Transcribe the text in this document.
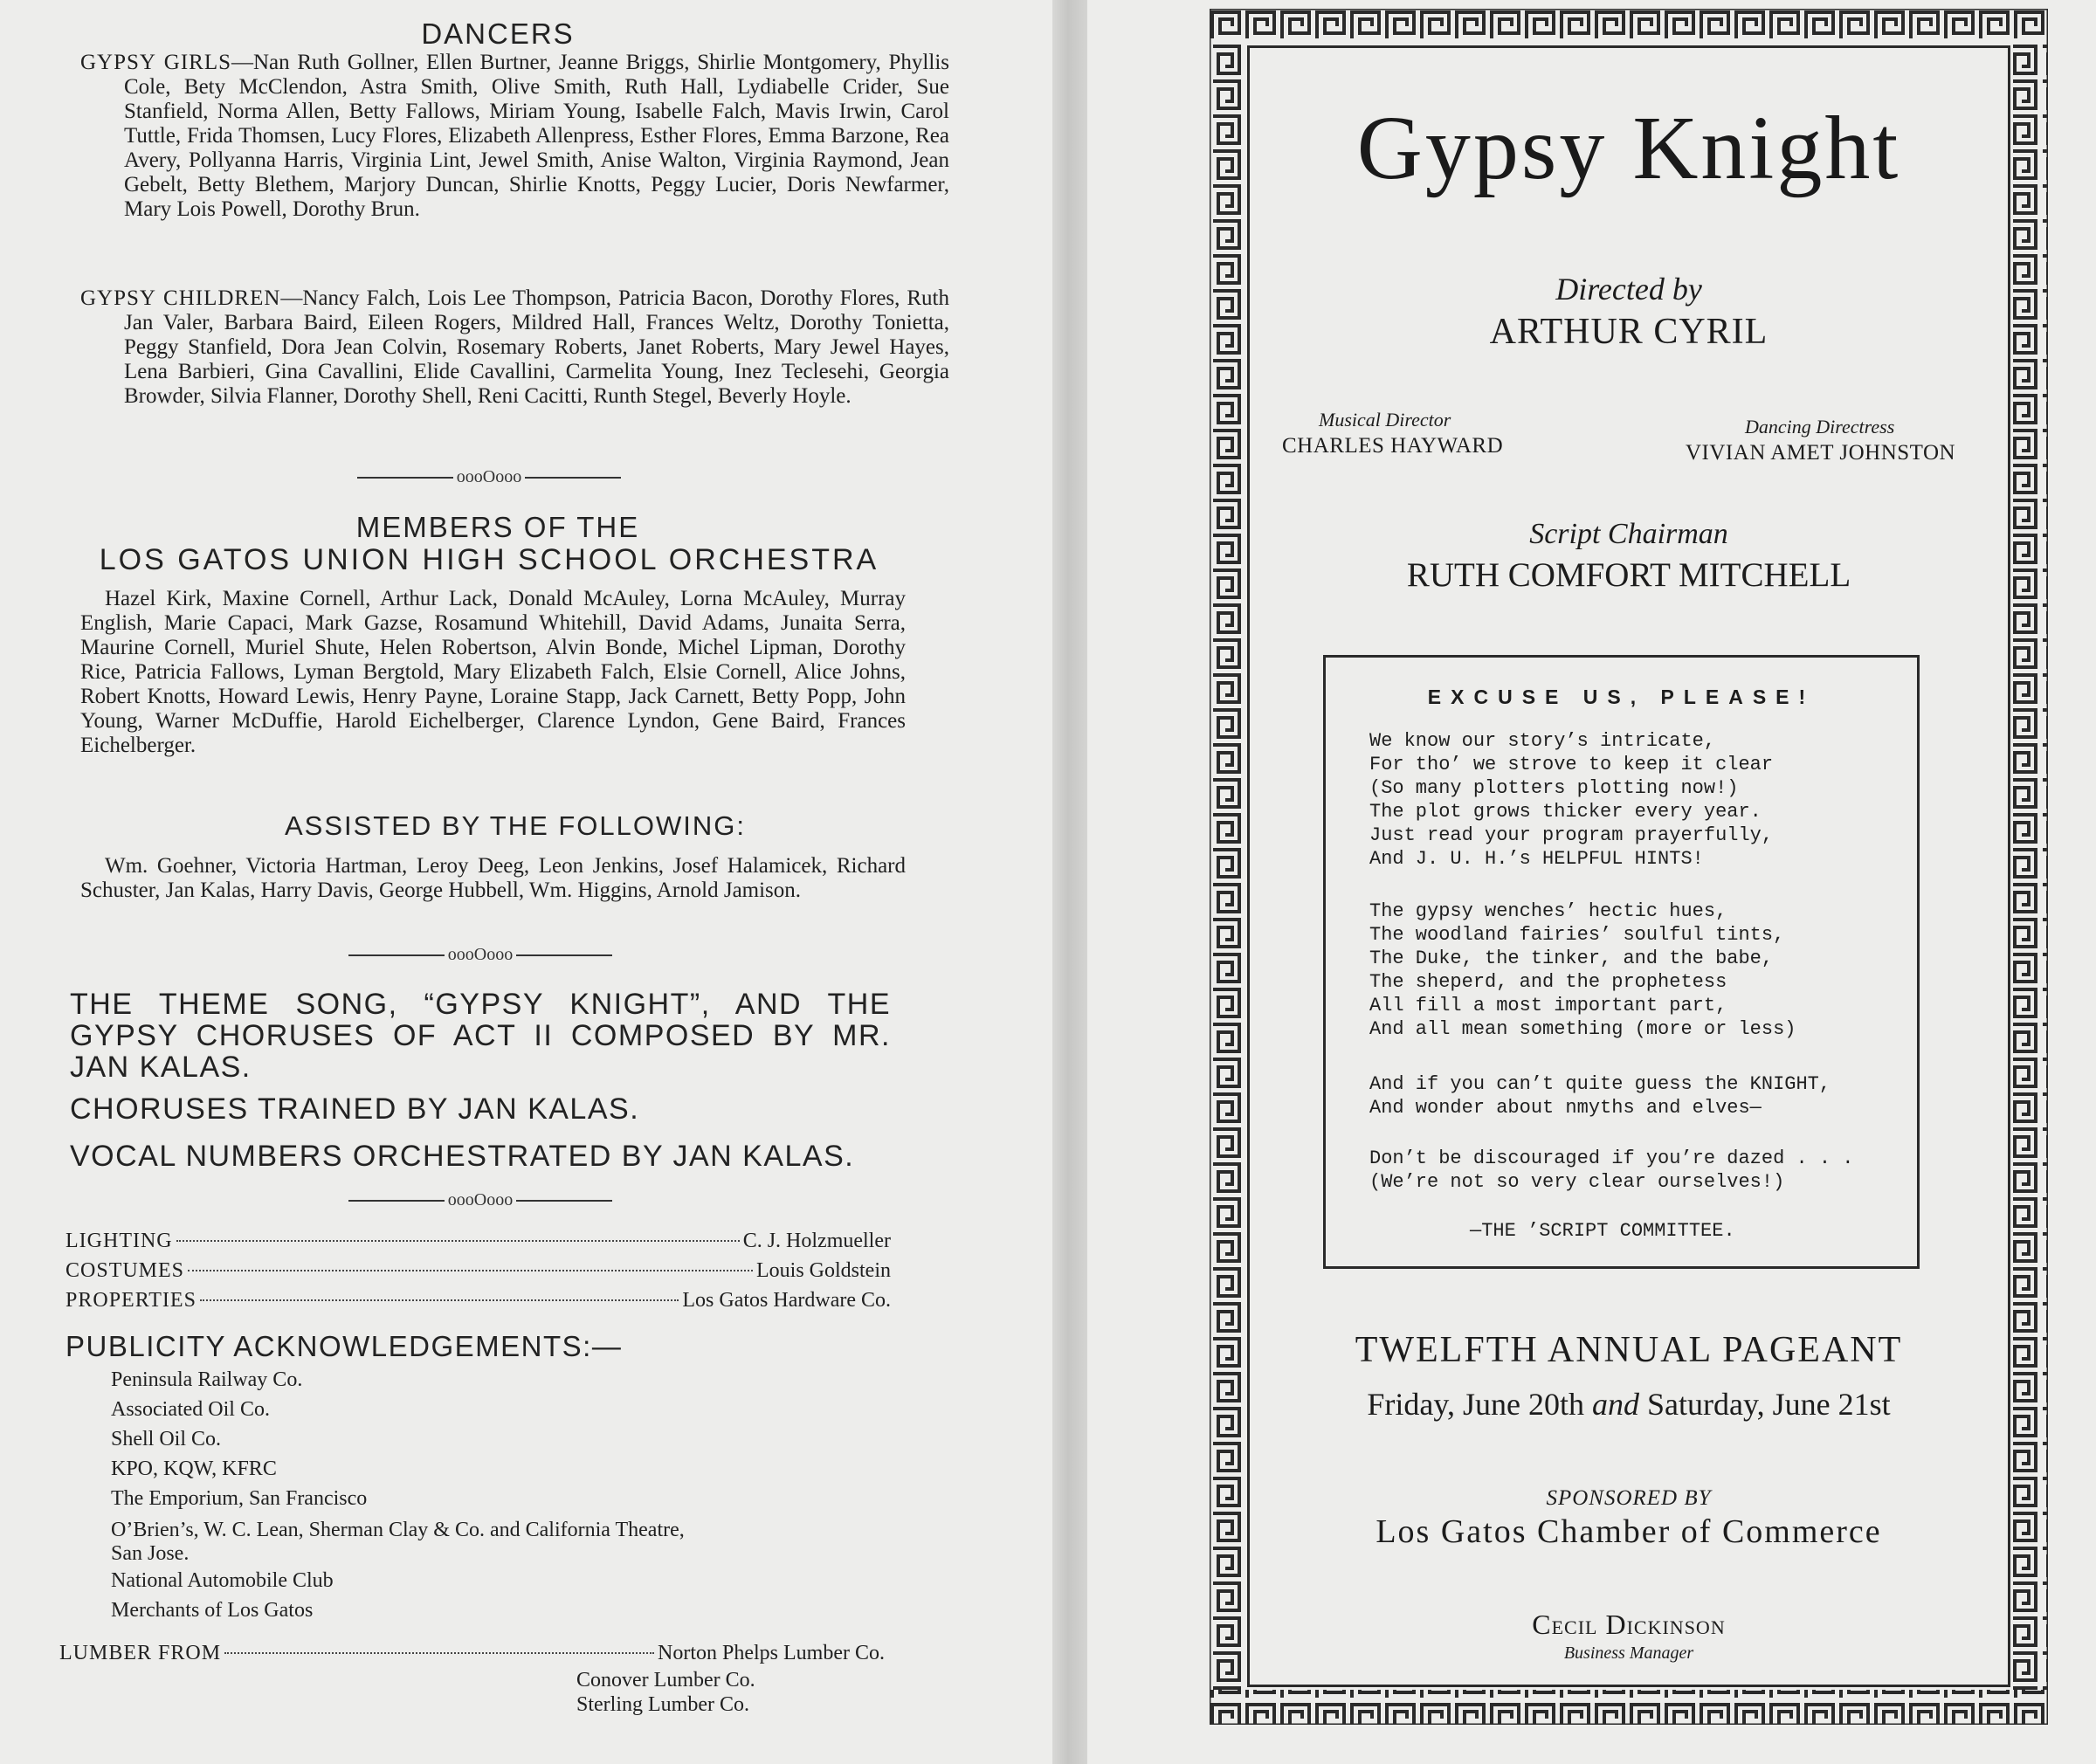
DANCERS
GYPSY GIRLS—Nan Ruth Gollner, Ellen Burtner, Jeanne Briggs, Shirlie Montgomery, Phyllis Cole, Bety McClendon, Astra Smith, Olive Smith, Ruth Hall, Lydiabelle Crider, Sue Stanfield, Norma Allen, Betty Fallows, Miriam Young, Isabelle Falch, Mavis Irwin, Carol Tuttle, Frida Thomsen, Lucy Flores, Elizabeth Allenpress, Esther Flores, Emma Barzone, Rea Avery, Pollyanna Harris, Virginia Lint, Jewel Smith, Anise Walton, Virginia Raymond, Jean Gebelt, Betty Blethem, Marjory Duncan, Shirlie Knotts, Peggy Lucier, Doris Newfarmer, Mary Lois Powell, Dorothy Brun.
GYPSY CHILDREN—Nancy Falch, Lois Lee Thompson, Patricia Bacon, Dorothy Flores, Ruth Jan Valer, Barbara Baird, Eileen Rogers, Mildred Hall, Frances Weltz, Dorothy Tonietta, Peggy Stanfield, Dora Jean Colvin, Rosemary Roberts, Janet Roberts, Mary Jewel Hayes, Lena Barbieri, Gina Cavallini, Elide Cavallini, Carmelita Young, Inez Teclesehi, Georgia Browder, Silvia Flanner, Dorothy Shell, Reni Cacitti, Runth Stegel, Beverly Hoyle.
oooOooo
MEMBERS OF THE
LOS GATOS UNION HIGH SCHOOL ORCHESTRA
Hazel Kirk, Maxine Cornell, Arthur Lack, Donald McAuley, Lorna McAuley, Murray English, Marie Capaci, Mark Gazse, Rosamund Whitehill, David Adams, Junaita Serra, Maurine Cornell, Muriel Shute, Helen Robertson, Alvin Bonde, Michel Lipman, Dorothy Rice, Patricia Fallows, Lyman Bergtold, Mary Elizabeth Falch, Elsie Cornell, Alice Johns, Robert Knotts, Howard Lewis, Henry Payne, Loraine Stapp, Jack Carnett, Betty Popp, John Young, Warner McDuffie, Harold Eichelberger, Clarence Lyndon, Gene Baird, Frances Eichelberger.
ASSISTED BY THE FOLLOWING:
Wm. Goehner, Victoria Hartman, Leroy Deeg, Leon Jenkins, Josef Halamicek, Richard Schuster, Jan Kalas, Harry Davis, George Hubbell, Wm. Higgins, Arnold Jamison.
oooOooo
THE THEME SONG, “GYPSY KNIGHT”, AND THE GYPSY CHORUSES OF ACT II COMPOSED BY MR. JAN KALAS.
CHORUSES TRAINED BY JAN KALAS.
VOCAL NUMBERS ORCHESTRATED BY JAN KALAS.
oooOooo
LIGHTING	C. J. Holzmueller
COSTUMES	Louis Goldstein
PROPERTIES	Los Gatos Hardware Co.
PUBLICITY ACKNOWLEDGEMENTS:—
Peninsula Railway Co.
Associated Oil Co.
Shell Oil Co.
KPO, KQW, KFRC
The Emporium, San Francisco
O’Brien’s, W. C. Lean, Sherman Clay & Co. and California Theatre,
San Jose.
National Automobile Club
Merchants of Los Gatos
LUMBER FROM	Norton Phelps Lumber Co.
Conover Lumber Co.
Sterling Lumber Co.
Gypsy Knight
Directed by
ARTHUR CYRIL
Musical Director
CHARLES HAYWARD
Dancing Directress
VIVIAN AMET JOHNSTON
Script Chairman
RUTH COMFORT MITCHELL
EXCUSE US, PLEASE!
We know our story’s intricate,
For tho’ we strove to keep it clear
(So many plotters plotting now!)
The plot grows thicker every year.
Just read your program prayerfully,
And J. U. H.’s HELPFUL HINTS!
The gypsy wenches’ hectic hues,
The woodland fairies’ soulful tints,
The Duke, the tinker, and the babe,
The sheperd, and the prophetess
All fill a most important part,
And all mean something (more or less)
And if you can’t quite guess the KNIGHT,
And wonder about nmyths and elves—
Don’t be discouraged if you’re dazed . . .
(We’re not so very clear ourselves!)
—THE ’SCRIPT COMMITTEE.
TWELFTH ANNUAL PAGEANT
Friday, June 20th and Saturday, June 21st
SPONSORED BY
Los Gatos Chamber of Commerce
Cecil Dickinson
Business Manager
